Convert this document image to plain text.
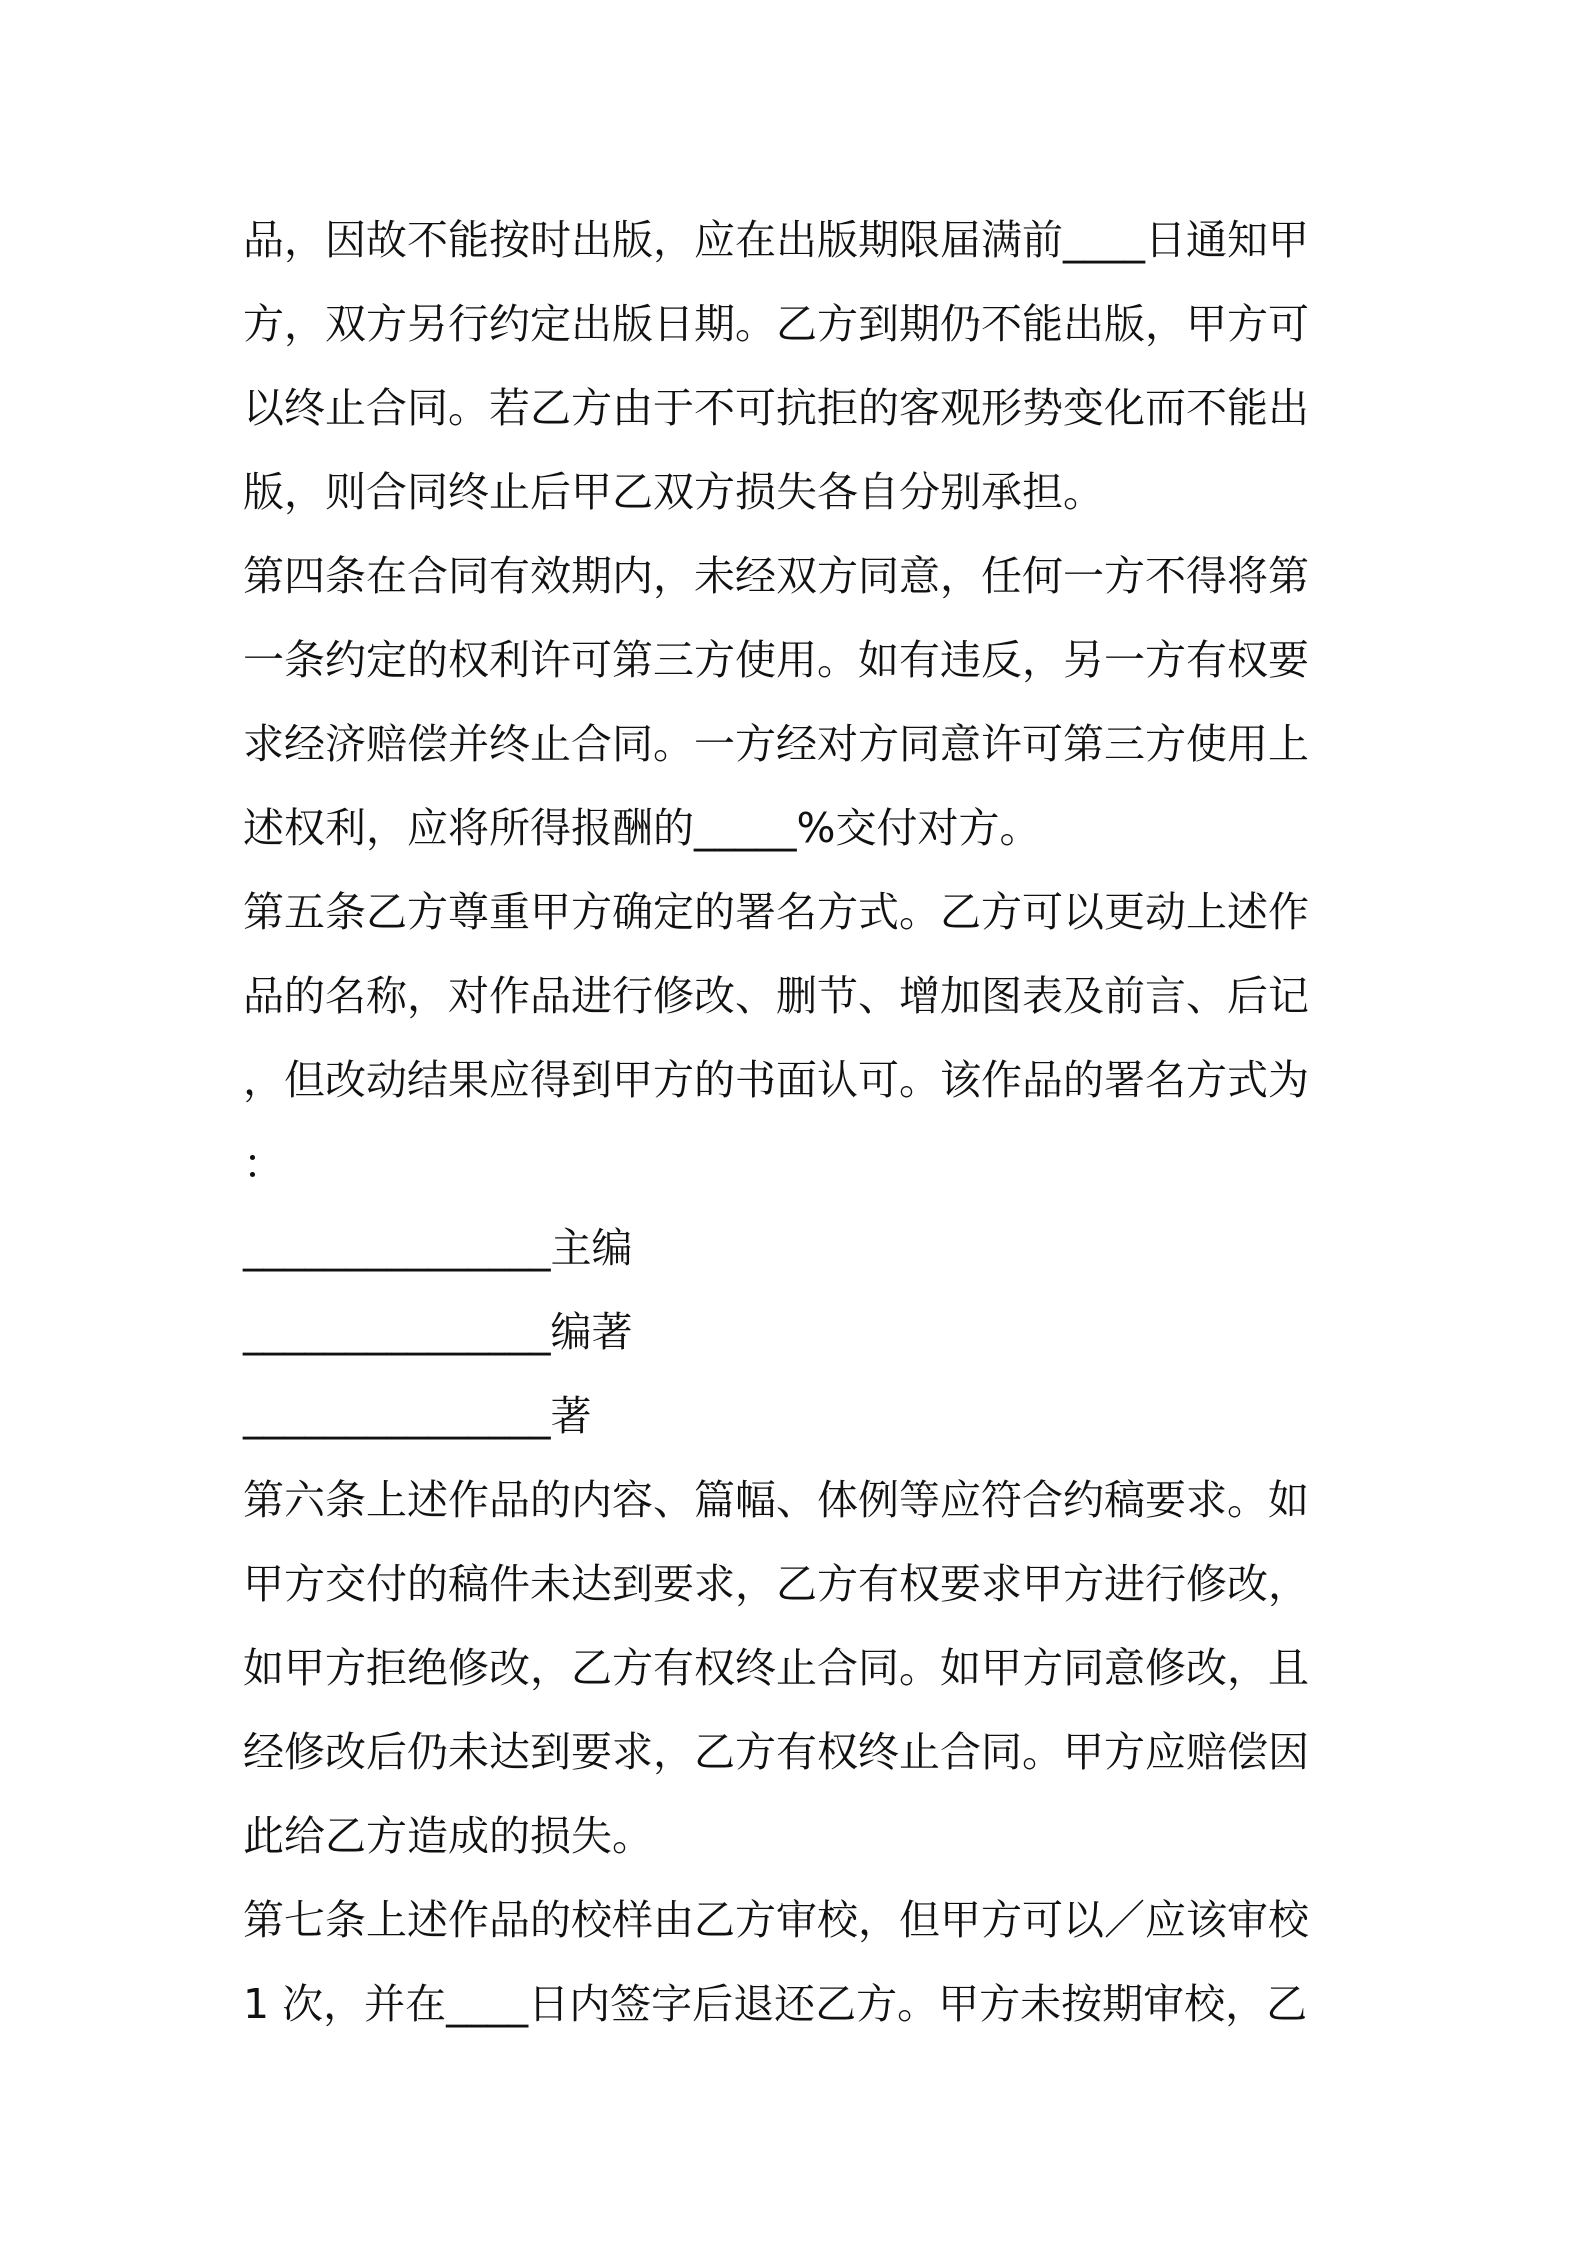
品，因故不能按时出版，应在出版期限届满前____日通知甲
方，双方另行约定出版日期。乙方到期仍不能出版，甲方可
以终止合同。若乙方由于不可抗拒的客观形势变化而不能出
版，则合同终止后甲乙双方损失各自分别承担。
第四条在合同有效期内，未经双方同意，任何一方不得将第
一条约定的权利许可第三方使用。如有违反，另一方有权要
求经济赔偿并终止合同。一方经对方同意许可第三方使用上
述权利，应将所得报酬的_____%交付对方。
第五条乙方尊重甲方确定的署名方式。乙方可以更动上述作
品的名称，对作品进行修改、删节、增加图表及前言、后记
，但改动结果应得到甲方的书面认可。该作品的署名方式为
：
_______________主编
_______________编著
_______________著
第六条上述作品的内容、篇幅、体例等应符合约稿要求。如
甲方交付的稿件未达到要求，乙方有权要求甲方进行修改，
如甲方拒绝修改，乙方有权终止合同。如甲方同意修改，且
经修改后仍未达到要求，乙方有权终止合同。甲方应赔偿因
此给乙方造成的损失。
第七条上述作品的校样由乙方审校，但甲方可以／应该审校
1 次，并在____日内签字后退还乙方。甲方未按期审校，乙
